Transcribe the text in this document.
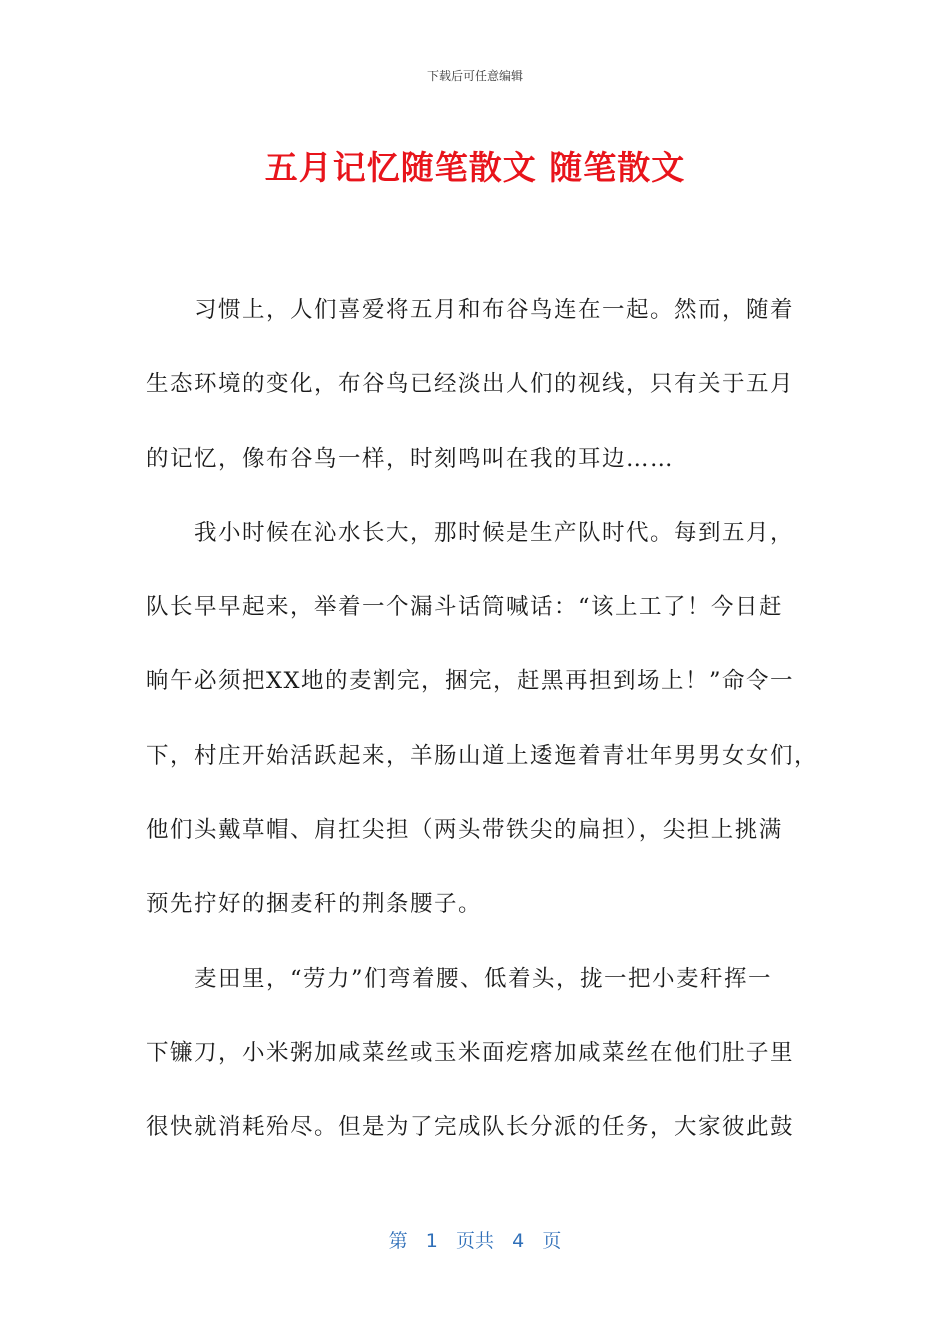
下载后可任意编辑
五月记忆随笔散文 随笔散文
习惯上，人们喜爱将五月和布谷鸟连在一起。然而，随着
生态环境的变化，布谷鸟已经淡出人们的视线，只有关于五月
的记忆，像布谷鸟一样，时刻鸣叫在我的耳边……
我小时候在沁水长大，那时候是生产队时代。每到五月，
队长早早起来，举着一个漏斗话筒喊话：“该上工了！今日赶
晌午必须把XX地的麦割完，捆完，赶黑再担到场上！”命令一
下，村庄开始活跃起来，羊肠山道上逶迤着青壮年男男女女们，
他们头戴草帽、肩扛尖担（两头带铁尖的扁担），尖担上挑满
预先拧好的捆麦秆的荆条腰子。
麦田里，“劳力”们弯着腰、低着头，拢一把小麦秆挥一
下镰刀，小米粥加咸菜丝或玉米面疙瘩加咸菜丝在他们肚子里
很快就消耗殆尽。但是为了完成队长分派的任务，大家彼此鼓
第 1 页共 4 页
